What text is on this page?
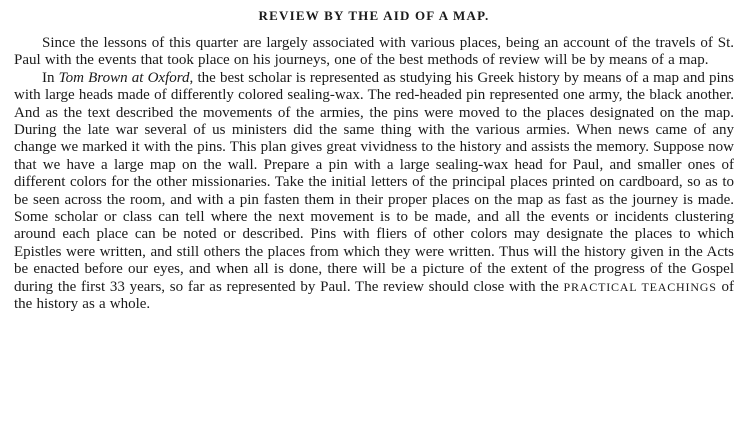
REVIEW BY THE AID OF A MAP.

Since the lessons of this quarter are largely associated with various places, being an account of the travels of St. Paul with the events that took place on his journeys, one of the best methods of review will be by means of a map.

In Tom Brown at Oxford, the best scholar is represented as studying his Greek history by means of a map and pins with large heads made of differently colored sealing-wax. The red-headed pin represented one army, the black another. And as the text described the movements of the armies, the pins were moved to the places designated on the map. During the late war several of us ministers did the same thing with the various armies. When news came of any change we marked it with the pins. This plan gives great vividness to the history and assists the memory. Suppose now that we have a large map on the wall. Prepare a pin with a large sealing-wax head for Paul, and smaller ones of different colors for the other missionaries. Take the initial letters of the principal places printed on cardboard, so as to be seen across the room, and with a pin fasten them in their proper places on the map as fast as the journey is made. Some scholar or class can tell where the next movement is to be made, and all the events or incidents clustering around each place can be noted or described. Pins with fliers of other colors may designate the places to which Epistles were written, and still others the places from which they were written. Thus will the history given in the Acts be enacted before our eyes, and when all is done, there will be a picture of the extent of the progress of the Gospel during the first 33 years, so far as represented by Paul. The review should close with the PRACTICAL TEACHINGS of the history as a whole.
